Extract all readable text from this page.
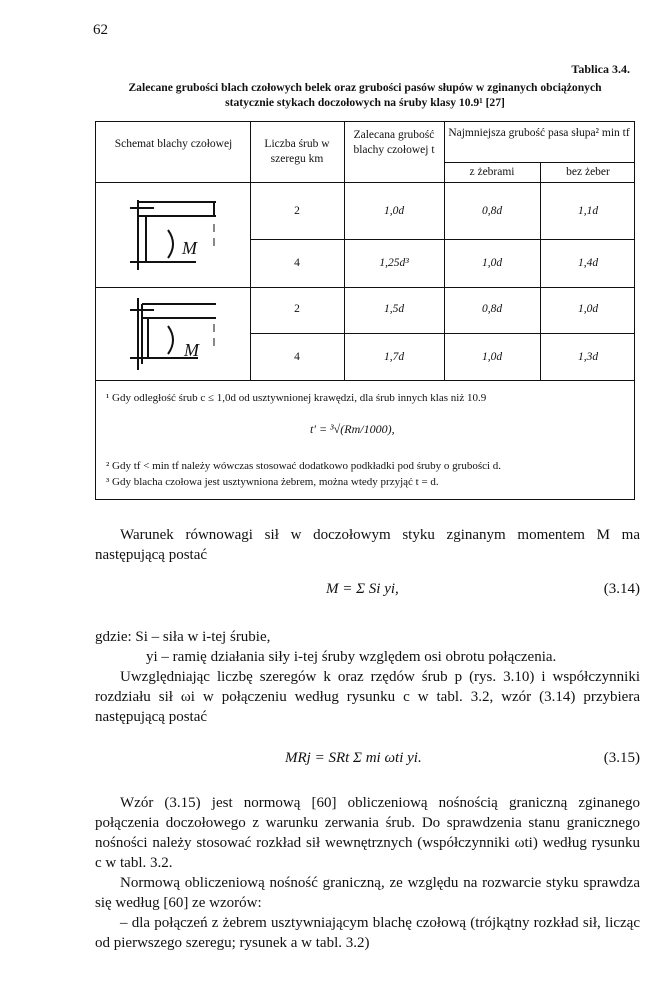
62
Tablica 3.4.
Zalecane grubości blach czołowych belek oraz grubości pasów słupów w zginanych obciążonych
statycznie stykach doczołowych na śruby klasy 10.9¹ [27]
Schemat blachy czołowej	Liczba śrub w szeregu km
Zalecana grubość blachy czołowej t
Najmniejsza grubość pasa słupa² min tf
z żebrami	bez żeber
M
M
2	1,0d	0,8d	1,1d
4	1,25d³	1,0d	1,4d
2	1,5d	0,8d	1,0d
4	1,7d	1,0d	1,3d
¹ Gdy odległość śrub c ≤ 1,0d od usztywnionej krawędzi, dla śrub innych klas niż 10.9
t′ = ³√(Rm/1000),
² Gdy tf < min tf należy wówczas stosować dodatkowo podkładki pod śruby o grubości d.
³ Gdy blacha czołowa jest usztywniona żebrem, można wtedy przyjąć t = d.
Warunek równowagi sił w doczołowym styku zginanym momentem M ma następującą postać
M = Σ Si yi,	(3.14)
gdzie: Si – siła w i-tej śrubie,
yi – ramię działania siły i-tej śruby względem osi obrotu połączenia.
Uwzględniając liczbę szeregów k oraz rzędów śrub p (rys. 3.10) i współczynniki rozdziału sił ωi w połączeniu według rysunku c w tabl. 3.2, wzór (3.14) przybiera następującą postać
MRj = SRt Σ mi ωti yi.	(3.15)
Wzór (3.15) jest normową [60] obliczeniową nośnością graniczną zginanego połączenia doczołowego z warunku zerwania śrub. Do sprawdzenia stanu granicznego nośności należy stosować rozkład sił wewnętrznych (współczynniki ωti) według rysunku c w tabl. 3.2.
Normową obliczeniową nośność graniczną, ze względu na rozwarcie styku sprawdza się według [60] ze wzorów:
– dla połączeń z żebrem usztywniającym blachę czołową (trójkątny rozkład sił, licząc od pierwszego szeregu; rysunek a w tabl. 3.2)
